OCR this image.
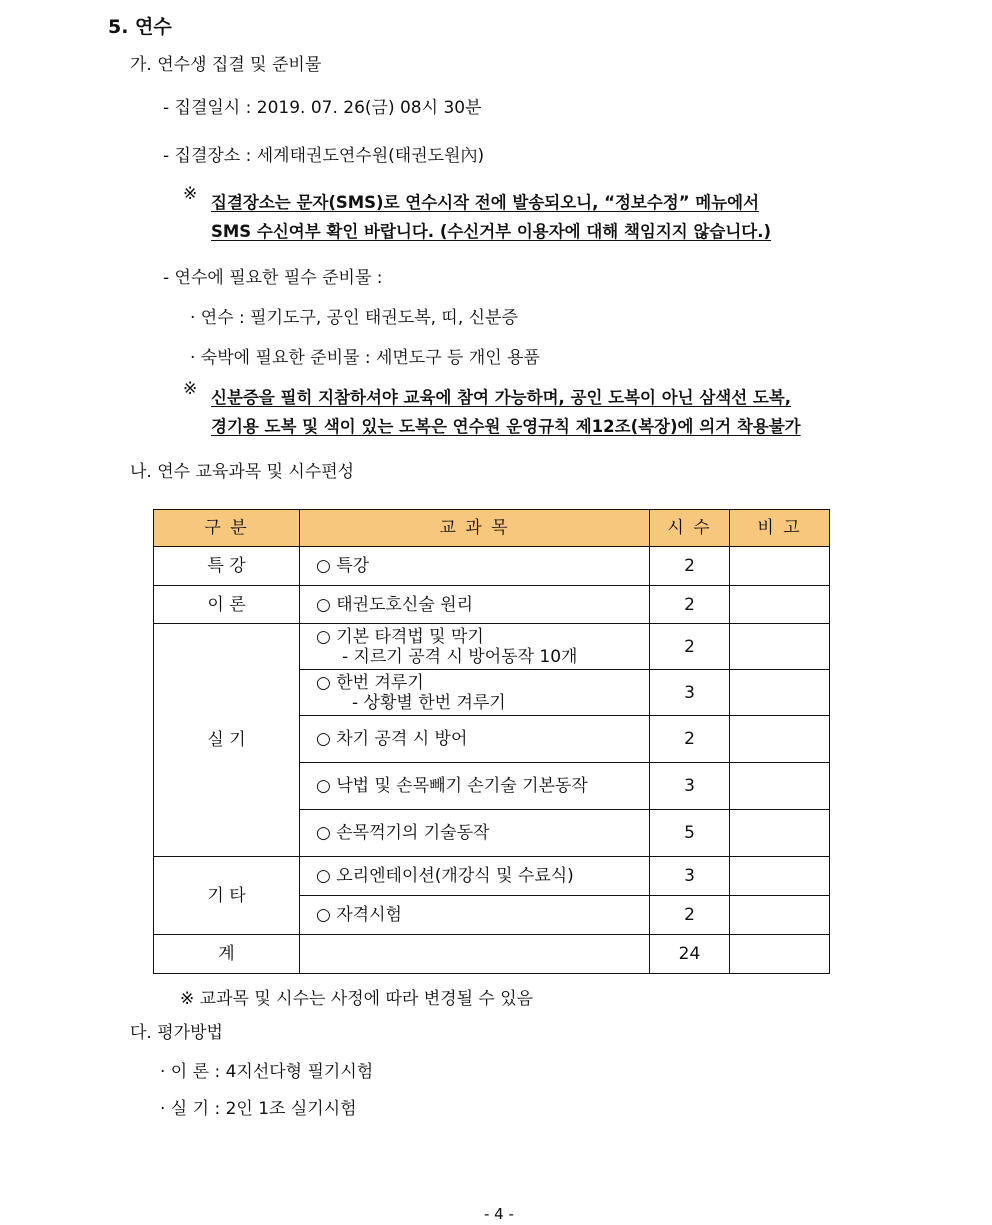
5. 연수
가. 연수생 집결 및 준비물
- 집결일시 : 2019. 07. 26(금) 08시 30분
- 집결장소 : 세계태권도연수원(태권도원內)
※ 집결장소는 문자(SMS)로 연수시작 전에 발송되오니, “정보수정” 메뉴에서
SMS 수신여부 확인 바랍니다. (수신거부 이용자에 대해 책임지지 않습니다.)
- 연수에 필요한 필수 준비물 :
· 연수 : 필기도구, 공인 태권도복, 띠, 신분증
· 숙박에 필요한 준비물 : 세면도구 등 개인 용품
※ 신분증을 필히 지참하셔야 교육에 참여 가능하며, 공인 도복이 아닌 삼색선 도복,
경기용 도복 및 색이 있는 도복은 연수원 운영규칙 제12조(복장)에 의거 착용불가
나. 연수 교육과목 및 시수편성
구 분	교 과 목	시 수	비 고
특 강	○ 특강	2	
이 론	○ 태권도호신술 원리	2	
실 기	○ 기본 타격법 및 막기
- 지르기 공격 시 방어동작 10개	2	
	○ 한번 겨루기
- 상황별 한번 겨루기	3	
	○ 차기 공격 시 방어	2	
	○ 낙법 및 손목빼기 손기술 기본동작	3	
	○ 손목꺽기의 기술동작	5	
기 타	○ 오리엔테이션(개강식 및 수료식)	3	
	○ 자격시험	2	
계		24	
※ 교과목 및 시수는 사정에 따라 변경될 수 있음
다. 평가방법
· 이 론 : 4지선다형 필기시험
· 실 기 : 2인 1조 실기시험
- 4 -
